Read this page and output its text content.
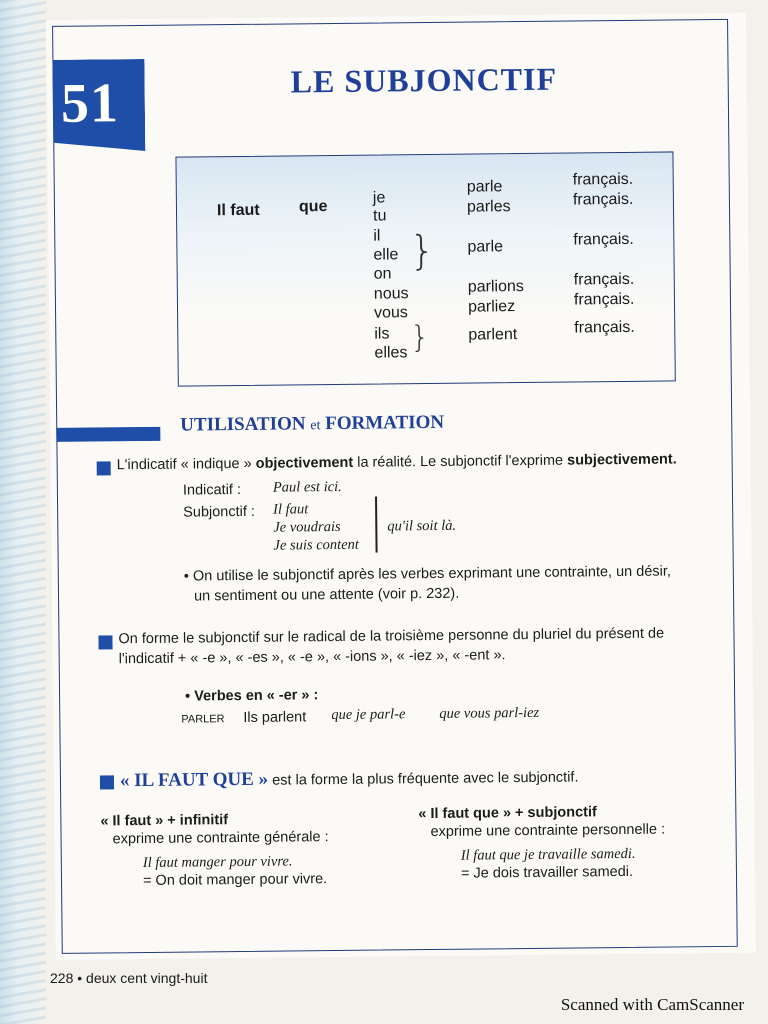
51	LE SUBJONCTIF
Il faut que
je
tu
il
elle
on
nous
vous
ils
elles
}
}
parle
parles
parle
parlions
parliez
parlent
français.
français.
français.
français.
français.
français.
UTILISATION et FORMATION
L'indicatif « indique » objectivement la réalité. Le subjonctif l'exprime subjectivement.
Indicatif : Paul est ici.
Subjonctif : Il faut
Je voudrais
Je suis content
qu'il soit là.
• On utilise le subjonctif après les verbes exprimant une contrainte, un désir,
un sentiment ou une attente (voir p. 232).
On forme le subjonctif sur le radical de la troisième personne du pluriel du présent de
l'indicatif + « -e », « -es », « -e », « -ions », « -iez », « -ent ».
• Verbes en « -er » :
PARLER Ils parlent que je parl-e que vous parl-iez
« IL FAUT QUE » est la forme la plus fréquente avec le subjonctif.
« Il faut » + infinitif
exprime une contrainte générale :
Il faut manger pour vivre.
= On doit manger pour vivre.
« Il faut que » + subjonctif
exprime une contrainte personnelle :
Il faut que je travaille samedi.
= Je dois travailler samedi.
228 • deux cent vingt-huit
Scanned with CamScanner
